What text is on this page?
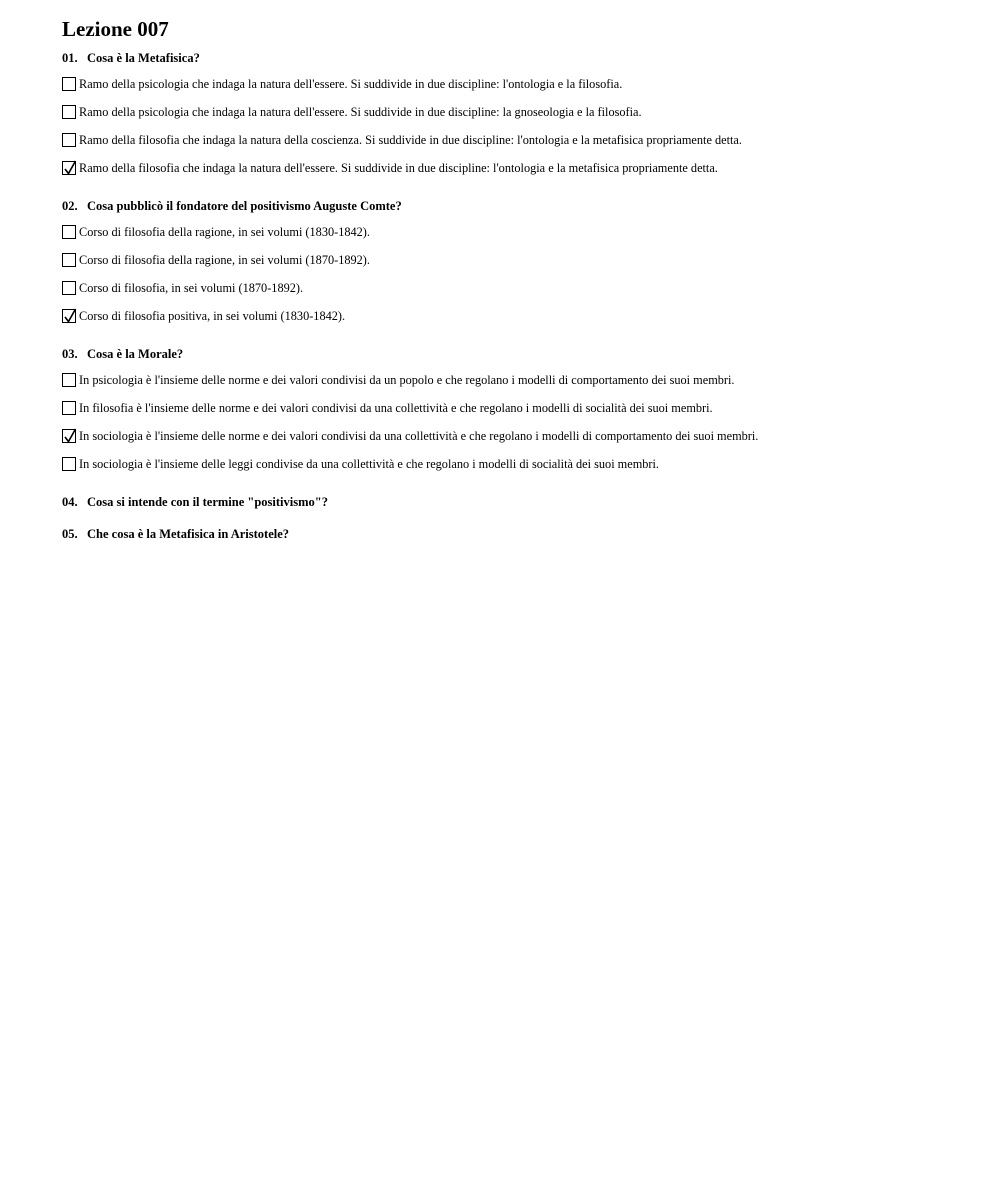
Lezione 007
01. Cosa è la Metafisica?
Ramo della psicologia che indaga la natura dell'essere. Si suddivide in due discipline: l'ontologia e la filosofia.
Ramo della psicologia che indaga la natura dell'essere. Si suddivide in due discipline: la gnoseologia e la filosofia.
Ramo della filosofia che indaga la natura della coscienza. Si suddivide in due discipline: l'ontologia e la metafisica propriamente detta.
Ramo della filosofia che indaga la natura dell'essere. Si suddivide in due discipline: l'ontologia e la metafisica propriamente detta.
02. Cosa pubblicò il fondatore del positivismo Auguste Comte?
Corso di filosofia della ragione, in sei volumi (1830-1842).
Corso di filosofia della ragione, in sei volumi (1870-1892).
Corso di filosofia, in sei volumi (1870-1892).
Corso di filosofia positiva, in sei volumi (1830-1842).
03. Cosa è la Morale?
In psicologia è l'insieme delle norme e dei valori condivisi da un popolo e che regolano i modelli di comportamento dei suoi membri.
In filosofia è l'insieme delle norme e dei valori condivisi da una collettività e che regolano i modelli di socialità dei suoi membri.
In sociologia è l'insieme delle norme e dei valori condivisi da una collettività e che regolano i modelli di comportamento dei suoi membri.
In sociologia è l'insieme delle leggi condivise da una collettività e che regolano i modelli di socialità dei suoi membri.
04. Cosa si intende con il termine "positivismo"?
05. Che cosa è la Metafisica in Aristotele?
